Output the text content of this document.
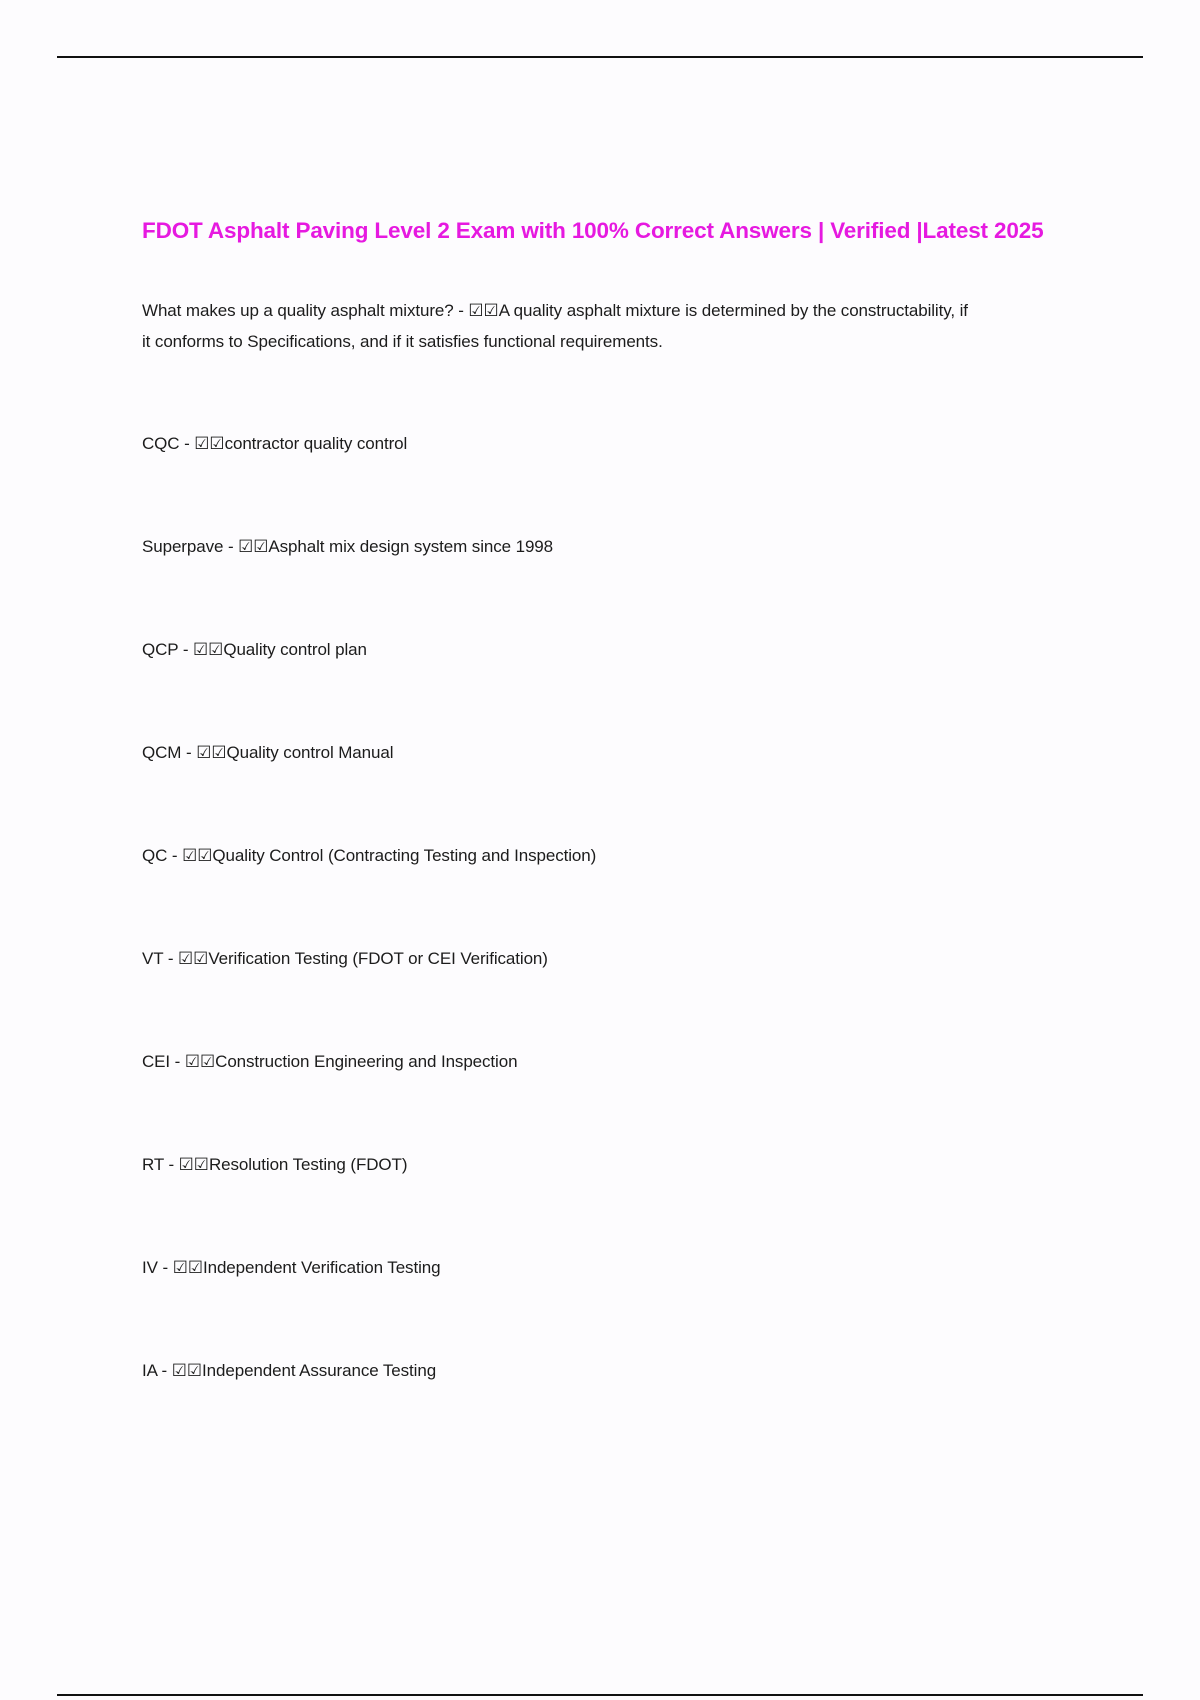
FDOT Asphalt Paving Level 2 Exam with 100% Correct Answers | Verified |Latest 2025
What makes up a quality asphalt mixture? - ☑☑A quality asphalt mixture is determined by the constructability, if it conforms to Specifications, and if it satisfies functional requirements.
CQC - ☑☑contractor quality control
Superpave - ☑☑Asphalt mix design system since 1998
QCP - ☑☑Quality control plan
QCM - ☑☑Quality control Manual
QC - ☑☑Quality Control (Contracting Testing and Inspection)
VT - ☑☑Verification Testing (FDOT or CEI Verification)
CEI - ☑☑Construction Engineering and Inspection
RT - ☑☑Resolution Testing (FDOT)
IV - ☑☑Independent Verification Testing
IA - ☑☑Independent Assurance Testing
